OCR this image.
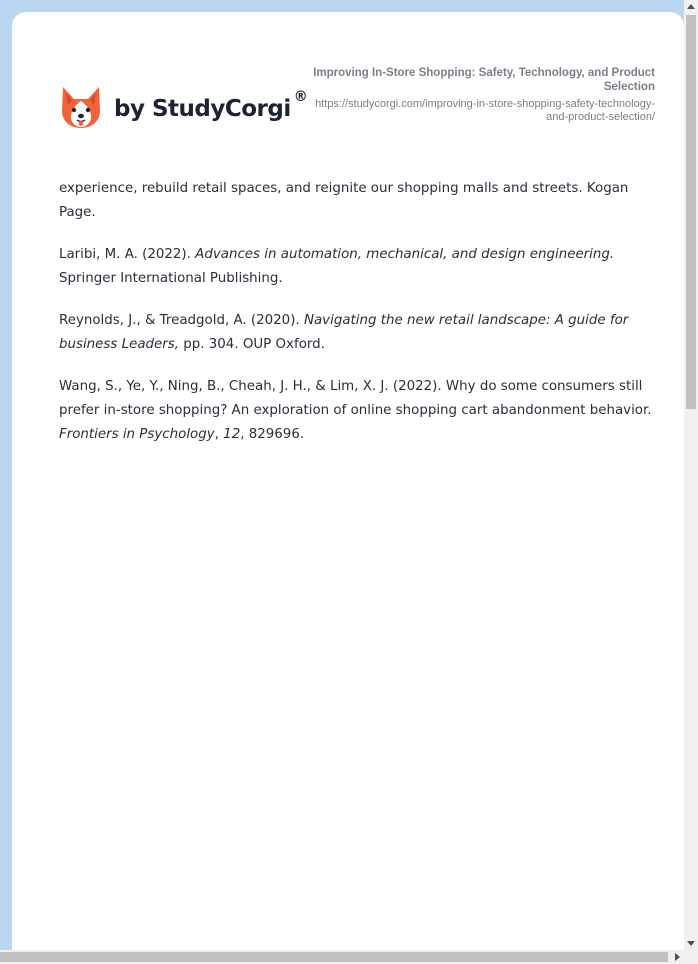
by StudyCorgi ®
Improving In-Store Shopping: Safety, Technology, and Product Selection
https://studycorgi.com/improving-in-store-shopping-safety-technology-and-product-selection/

experience, rebuild retail spaces, and reignite our shopping malls and streets. Kogan Page.

Laribi, M. A. (2022). Advances in automation, mechanical, and design engineering. Springer International Publishing.

Reynolds, J., & Treadgold, A. (2020). Navigating the new retail landscape: A guide for business Leaders, pp. 304. OUP Oxford.

Wang, S., Ye, Y., Ning, B., Cheah, J. H., & Lim, X. J. (2022). Why do some consumers still prefer in-store shopping? An exploration of online shopping cart abandonment behavior. Frontiers in Psychology, 12, 829696.
